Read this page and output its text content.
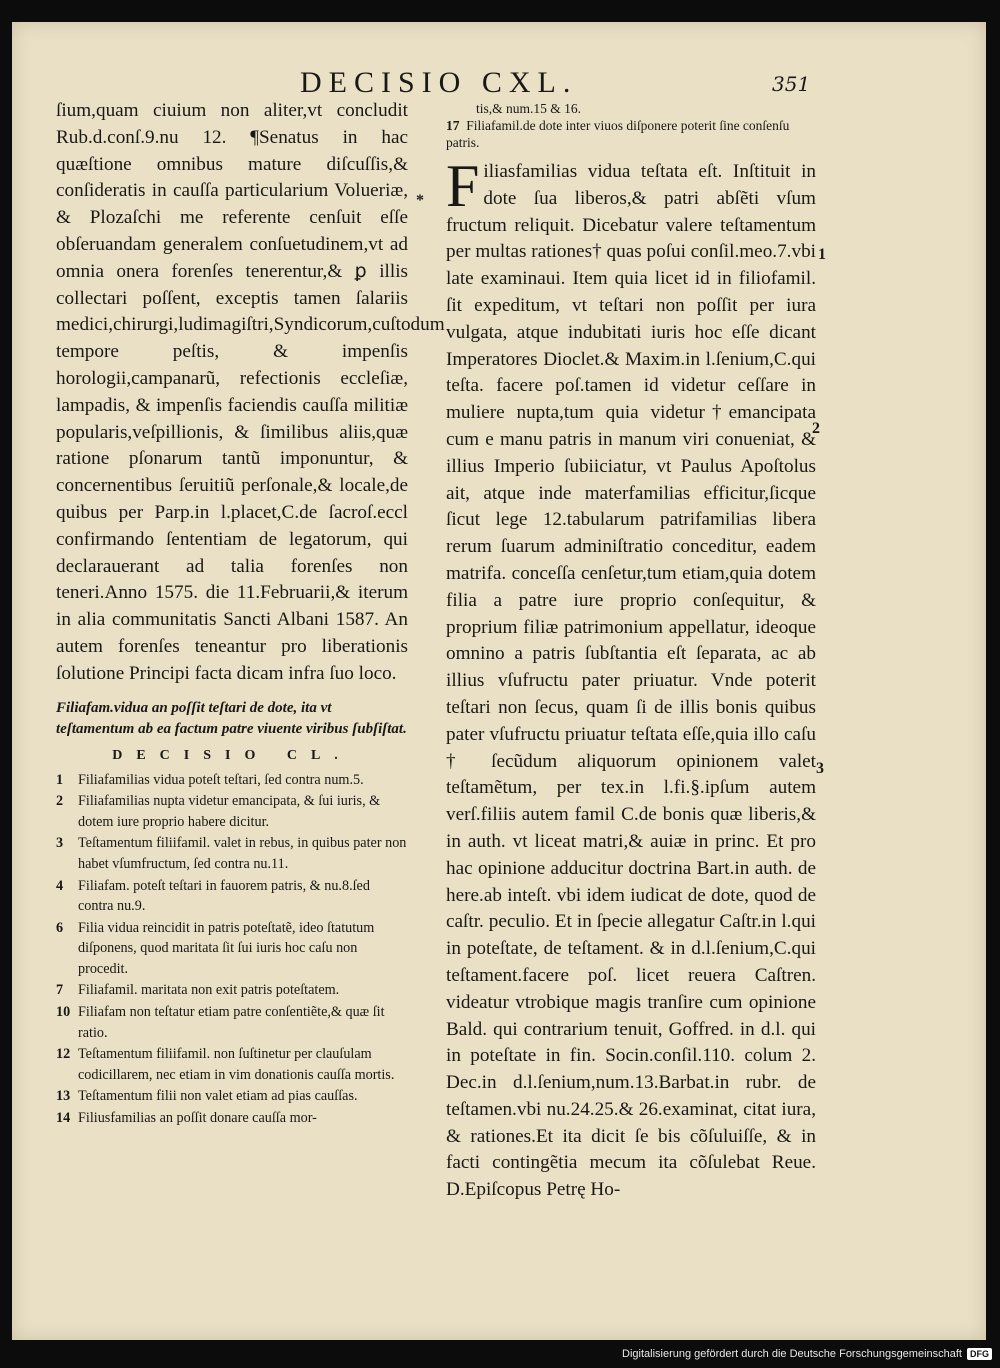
DECISIO CXL.	351

ſium,quam ciuium non aliter,vt concludit Rub.d.conſ.9.nu 12. ¶Senatus in hac quæſtione omnibus mature diſcuſſis,& conſideratis in cauſſa particularium Volueriæ, & Plozaſchi me referente cenſuit eſſe obſeruandam generalem conſuetudinem,vt ad omnia onera forenſes tenerentur,& ꝑ illis collectari poſſent, exceptis tamen ſalariis medici,chirurgi,ludimagiſtri,Syndicorum,cuſtodum tempore peſtis, & impenſis horologii,campanarũ, refectionis eccleſiæ, lampadis, & impenſis faciendis cauſſa militiæ popularis,veſpillionis, & ſimilibus aliis,quæ ratione pſonarum tantũ imponuntur, & concernentibus ſeruitiũ perſonale,& locale,de quibus per Parp.in l.placet,C.de ſacroſ.eccl confirmando ſententiam de legatorum, qui declarauerant ad talia forenſes non teneri.Anno 1575. die 11.Februarii,& iterum in alia communitatis Sancti Albani 1587. An autem forenſes teneantur pro liberationis ſolutione Principi facta dicam infra ſuo loco.

Filiafam.vidua an poſſit teſtari de dote, ita vt teſtamentum ab ea factum patre viuente viribus ſubſiſtat.

DECISIO CL.
1	Filiafamilias vidua poteſt teſtari, ſed contra num.5.
2	Filiafamilias nupta videtur emancipata, & ſui iuris, & dotem iure proprio habere dicitur.
3	Teſtamentum filiifamil. valet in rebus, in quibus pater non habet vſumfructum, ſed contra nu.11.
4	Filiafam. poteſt teſtari in fauorem patris, & nu.8.ſed contra nu.9.
6	Filia vidua reincidit in patris poteſtatẽ, ideo ſtatutum diſponens, quod maritata ſit ſui iuris hoc caſu non procedit.
7	Filiafamil. maritata non exit patris poteſtatem.
10 Filiafam non teſtatur etiam patre conſentiẽte,& quæ ſit ratio.
12 Teſtamentum filiifamil. non ſuſtinetur per clauſulam codicillarem, nec etiam in vim donationis cauſſa mortis.
13 Teſtamentum filii non valet etiam ad pias cauſſas.
14 Filiusfamilias an poſſit donare cauſſa mor-

tis,& num.15 & 16.

17 Filiafamil.de dote inter viuos diſponere poterit ſine conſenſu patris.

F iliasfamilias vidua teſtata eſt. Inſtituit in dote ſua liberos,& patri abſẽti vſum fructum reliquit. Dicebatur valere teſtamentum per multas rationes† quas poſui conſil.meo.7.vbi late examinaui. Item quia licet id in filiofamil. ſit expeditum, vt teſtari non poſſit per iura vulgata, atque indubitati iuris hoc eſſe dicant Imperatores Dioclet.& Maxim.in l.ſenium,C.qui teſta. facere poſ.tamen id videtur ceſſare in muliere nupta,tum quia videtur†emancipata cum e manu patris in manum viri conueniat, & illius Imperio ſubiiciatur, vt Paulus Apoſtolus ait, atque inde materfamilias efficitur,ſicque ſicut lege 12.tabularum patrifamilias libera rerum ſuarum adminiſtratio conceditur, eadem matrifa. conceſſa cenſetur,tum etiam,quia dotem filia a patre iure proprio conſequitur, & proprium filiæ patrimonium appellatur, ideoque omnino a patris ſubſtantia eſt ſeparata, ac ab illius vſufructu pater priuatur. Vnde poterit teſtari non ſecus, quam ſi de illis bonis quibus pater vſufructu priuatur teſtata eſſe,quia illo caſu † ſecũdum aliquorum opinionem valet teſtamẽtum, per tex.in l.fi.§.ipſum autem verſ.filiis autem famil C.de bonis quæ liberis,& in auth. vt liceat matri,& auiæ in princ. Et pro hac opinione adducitur doctrina Bart.in auth. de here.ab inteſt. vbi idem iudicat de dote, quod de caſtr. peculio. Et in ſpecie allegatur Caſtr.in l.qui in poteſtate, de teſtament. & in d.l.ſenium,C.qui teſtament.facere poſ. licet reuera Caſtren. videatur vtrobique magis tranſire cum opinione Bald. qui contrarium tenuit, Goffred. in d.l. qui in poteſtate in fin. Socin.conſil.110. colum 2. Dec.in d.l.ſenium,num.13.Barbat.in rubr. de teſtamen.vbi nu.24.25.& 26.examinat, citat iura, & rationes.Et ita dicit ſe bis cõſuluiſſe, & in facti contingẽtia mecum ita cõſulebat Reue. D.Epiſcopus Petrę Ho-

*
1
2
3
Digitalisierung gefördert durch die Deutsche Forschungsgemeinschaft DFG
